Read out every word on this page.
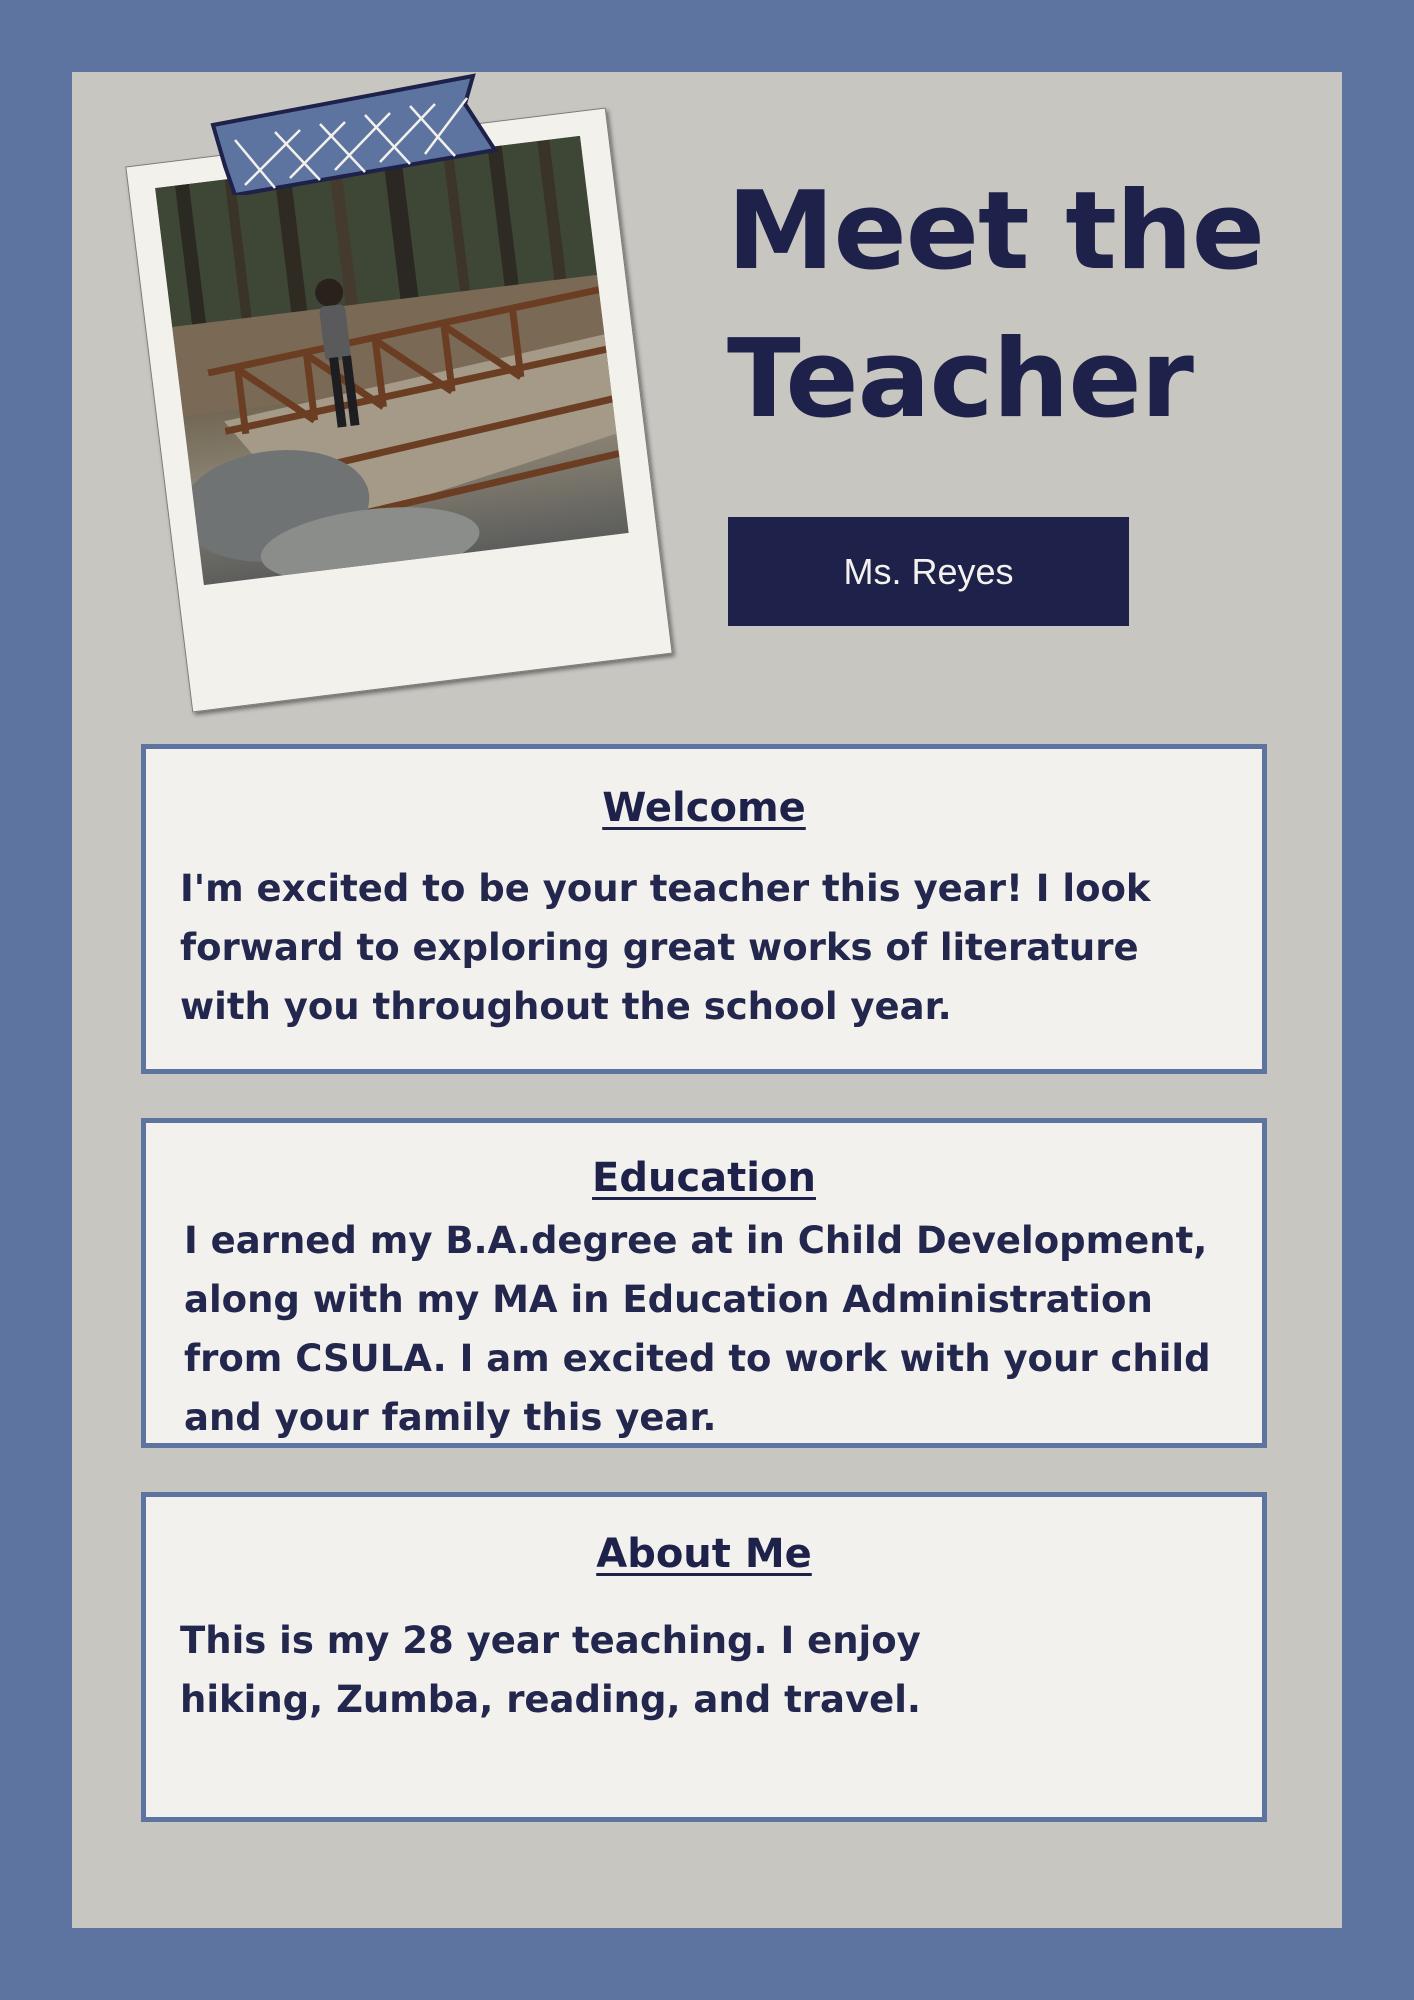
Meet the
Teacher
Ms. Reyes
Welcome

I'm excited to be your teacher this year! I look forward to exploring great works of literature with you throughout the school year.

Education

I earned my B.A.degree at in Child Development, along with my MA in Education Administration from CSULA. I am excited to work with your child and your family this year.

About Me

This is my 28 year teaching. I enjoy hiking, Zumba, reading, and travel.
